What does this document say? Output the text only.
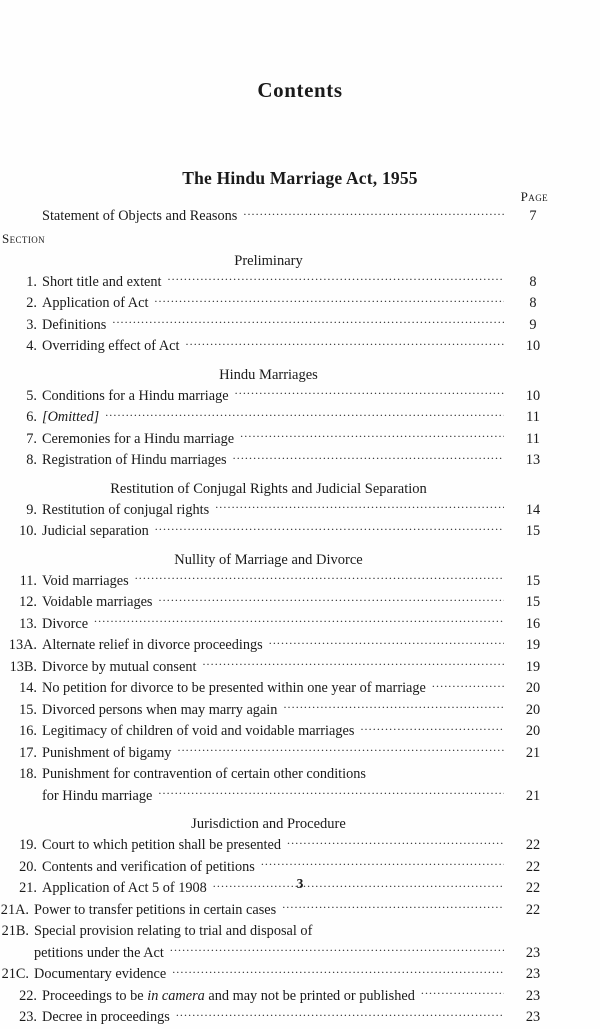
Contents
The Hindu Marriage Act, 1955
Page
Section
Statement of Objects and Reasons .....	7
Preliminary
1. Short title and extent .....	8
2. Application of Act .....	8
3. Definitions .....	9
4. Overriding effect of Act .....	10
Hindu Marriages
5. Conditions for a Hindu marriage .....	10
6. [Omitted] .....	11
7. Ceremonies for a Hindu marriage .....	11
8. Registration of Hindu marriages .....	13
Restitution of Conjugal Rights and Judicial Separation
9. Restitution of conjugal rights .....	14
10. Judicial separation .....	15
Nullity of Marriage and Divorce
11. Void marriages .....	15
12. Voidable marriages .....	15
13. Divorce .....	16
13A. Alternate relief in divorce proceedings .....	19
13B. Divorce by mutual consent .....	19
14. No petition for divorce to be presented within one year of marriage .....	20
15. Divorced persons when may marry again .....	20
16. Legitimacy of children of void and voidable marriages .....	20
17. Punishment of bigamy .....	21
18. Punishment for contravention of certain other conditions
for Hindu marriage .....	21
Jurisdiction and Procedure
19. Court to which petition shall be presented .....	22
20. Contents and verification of petitions .....	22
21. Application of Act 5 of 1908 .....	22
21A. Power to transfer petitions in certain cases .....	22
21B. Special provision relating to trial and disposal of
petitions under the Act .....	23
21C. Documentary evidence .....	23
22. Proceedings to be in camera and may not be printed or published .....	23
23. Decree in proceedings .....	23
3
